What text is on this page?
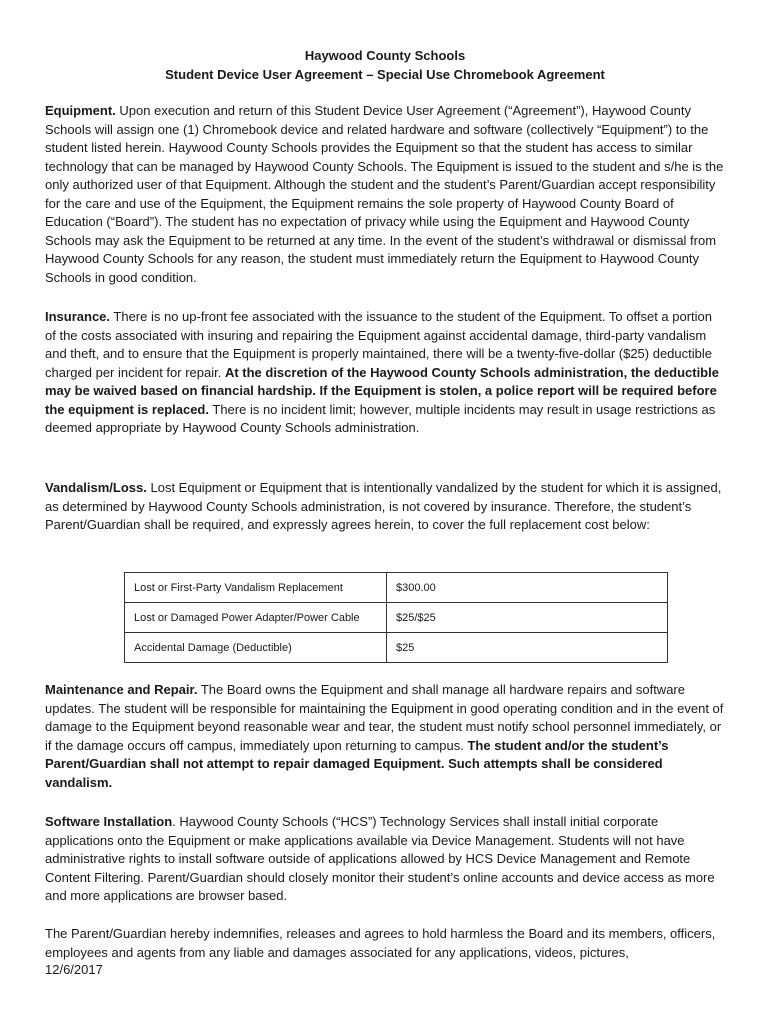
Haywood County Schools
Student Device User Agreement – Special Use Chromebook Agreement

Equipment. Upon execution and return of this Student Device User Agreement (“Agreement”), Haywood County Schools will assign one (1) Chromebook device and related hardware and software (collectively “Equipment”) to the student listed herein. Haywood County Schools provides the Equipment so that the student has access to similar technology that can be managed by Haywood County Schools. The Equipment is issued to the student and s/he is the only authorized user of that Equipment. Although the student and the student’s Parent/Guardian accept responsibility for the care and use of the Equipment, the Equipment remains the sole property of Haywood County Board of Education (“Board”). The student has no expectation of privacy while using the Equipment and Haywood County Schools may ask the Equipment to be returned at any time. In the event of the student’s withdrawal or dismissal from Haywood County Schools for any reason, the student must immediately return the Equipment to Haywood County Schools in good condition.

Insurance. There is no up-front fee associated with the issuance to the student of the Equipment. To offset a portion of the costs associated with insuring and repairing the Equipment against accidental damage, third-party vandalism and theft, and to ensure that the Equipment is properly maintained, there will be a twenty-five-dollar ($25) deductible charged per incident for repair. At the discretion of the Haywood County Schools administration, the deductible may be waived based on financial hardship. If the Equipment is stolen, a police report will be required before the equipment is replaced. There is no incident limit; however, multiple incidents may result in usage restrictions as deemed appropriate by Haywood County Schools administration.

Vandalism/Loss. Lost Equipment or Equipment that is intentionally vandalized by the student for which it is assigned, as determined by Haywood County Schools administration, is not covered by insurance. Therefore, the student’s Parent/Guardian shall be required, and expressly agrees herein, to cover the full replacement cost below:

Lost or First-Party Vandalism Replacement	$300.00
Lost or Damaged Power Adapter/Power Cable	$25/$25
Accidental Damage (Deductible)	$25

Maintenance and Repair. The Board owns the Equipment and shall manage all hardware repairs and software updates. The student will be responsible for maintaining the Equipment in good operating condition and in the event of damage to the Equipment beyond reasonable wear and tear, the student must notify school personnel immediately, or if the damage occurs off campus, immediately upon returning to campus. The student and/or the student’s Parent/Guardian shall not attempt to repair damaged Equipment. Such attempts shall be considered vandalism.

Software Installation. Haywood County Schools (“HCS”) Technology Services shall install initial corporate applications onto the Equipment or make applications available via Device Management. Students will not have administrative rights to install software outside of applications allowed by HCS Device Management and Remote Content Filtering. Parent/Guardian should closely monitor their student’s online accounts and device access as more and more applications are browser based.

The Parent/Guardian hereby indemnifies, releases and agrees to hold harmless the Board and its members, officers, employees and agents from any liable and damages associated for any applications, videos, pictures,

12/6/2017
